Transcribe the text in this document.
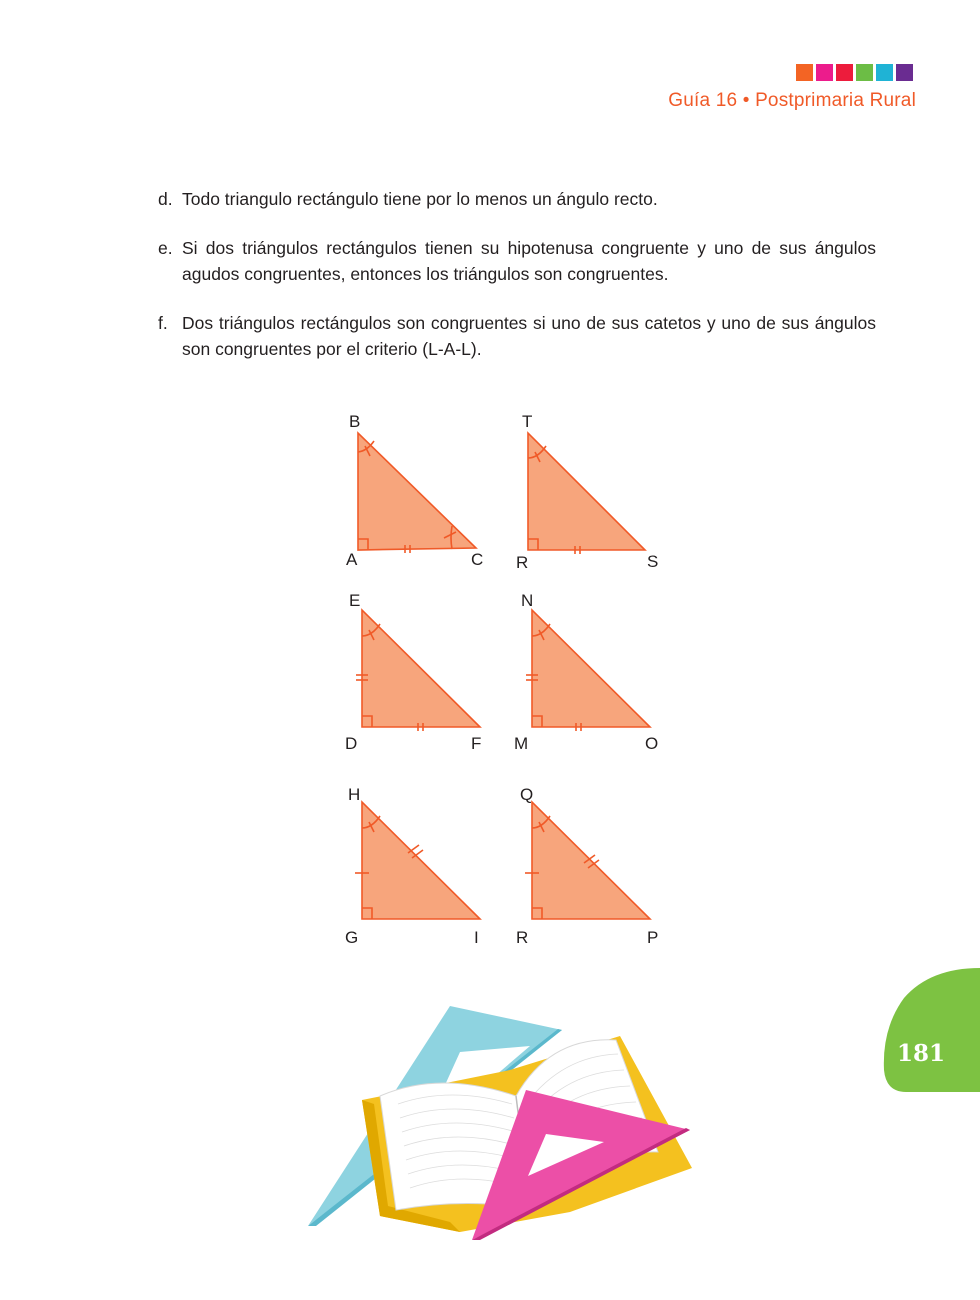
Guía 16 • Postprimaria Rural
d. Todo triangulo rectángulo tiene por lo menos un ángulo recto.
e. Si dos triángulos rectángulos tienen su hipotenusa congruente y uno de sus ángulos agudos congruentes, entonces los triángulos son congruentes.
f. Dos triángulos rectángulos son congruentes si uno de sus catetos y uno de sus ángulos son congruentes por el criterio (L-A-L).
B
A	C
T
R	S
E
D	F
N
M	O
H
G	I
Q
R	P
181
